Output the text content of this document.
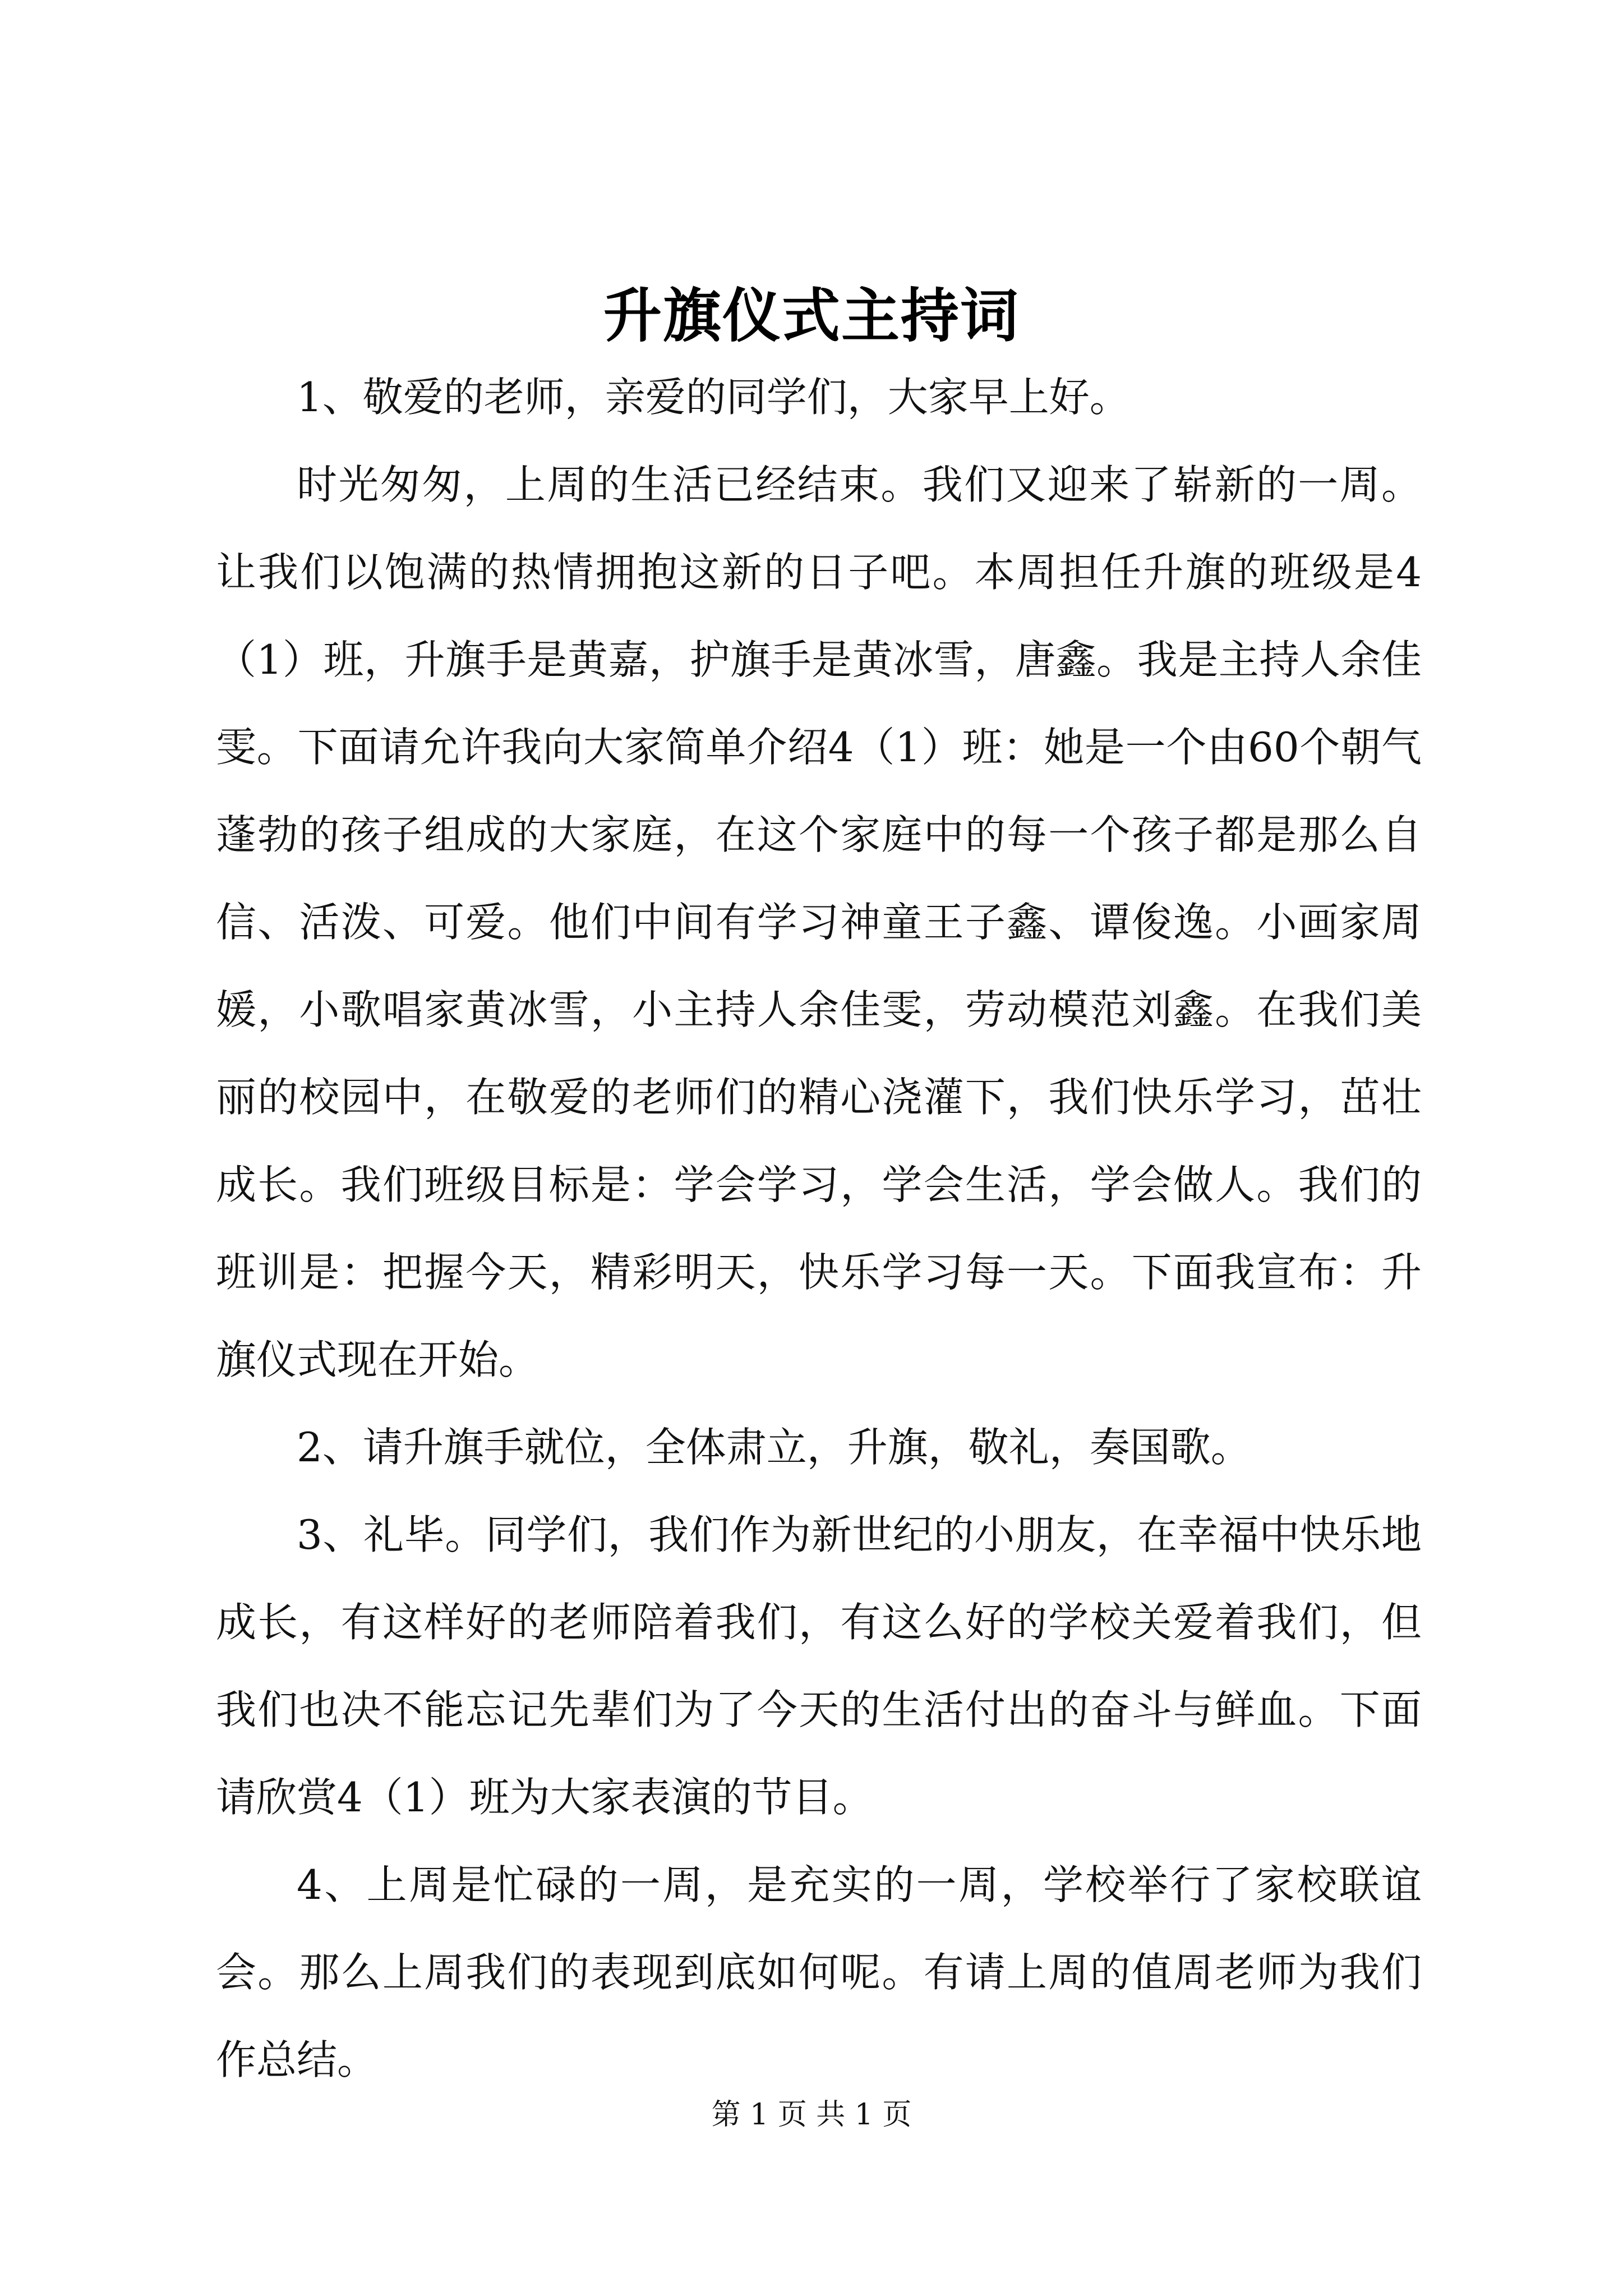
升旗仪式主持词

1、敬爱的老师，亲爱的同学们，大家早上好。

时光匆匆，上周的生活已经结束。我们又迎来了崭新的一周。让我们以饱满的热情拥抱这新的日子吧。本周担任升旗的班级是4（1）班，升旗手是黄嘉，护旗手是黄冰雪，唐鑫。我是主持人余佳雯。下面请允许我向大家简单介绍4（1）班：她是一个由60个朝气蓬勃的孩子组成的大家庭，在这个家庭中的每一个孩子都是那么自信、活泼、可爱。他们中间有学习神童王子鑫、谭俊逸。小画家周媛，小歌唱家黄冰雪，小主持人余佳雯，劳动模范刘鑫。在我们美丽的校园中，在敬爱的老师们的精心浇灌下，我们快乐学习，茁壮成长。我们班级目标是：学会学习，学会生活，学会做人。我们的班训是：把握今天，精彩明天，快乐学习每一天。下面我宣布：升旗仪式现在开始。

2、请升旗手就位，全体肃立，升旗，敬礼，奏国歌。

3、礼毕。同学们，我们作为新世纪的小朋友，在幸福中快乐地成长，有这样好的老师陪着我们，有这么好的学校关爱着我们，但我们也决不能忘记先辈们为了今天的生活付出的奋斗与鲜血。下面请欣赏4（1）班为大家表演的节目。

4、上周是忙碌的一周，是充实的一周，学校举行了家校联谊会。那么上周我们的表现到底如何呢。有请上周的值周老师为我们作总结。

第 1 页 共 1 页
